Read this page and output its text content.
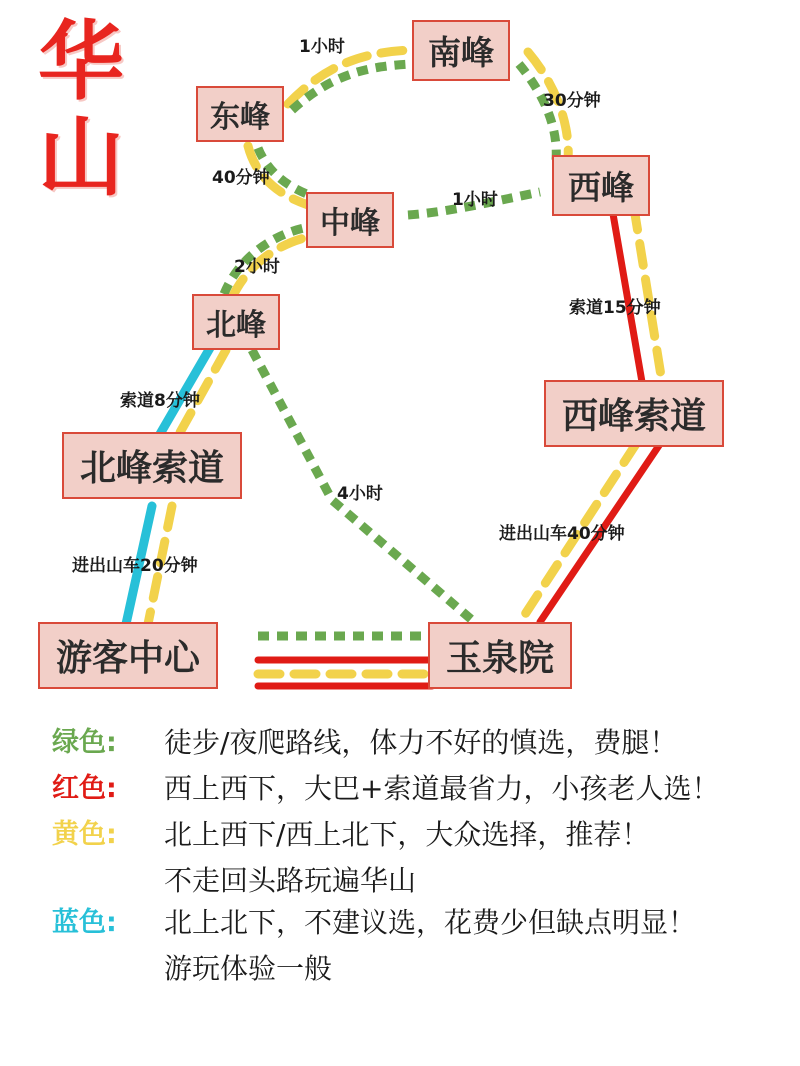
华山
南峰
东峰
西峰
中峰
北峰
西峰索道
北峰索道
游客中心	玉泉院
1小时
30分钟
40分钟
1小时
2小时
索道15分钟
索道8分钟
4小时
进出山车20分钟
进出山车40分钟
绿色:	徒步/夜爬路线，体力不好的慎选，费腿！
红色:	西上西下，大巴+索道最省力，小孩老人选！
黄色:	北上西下/西上北下，大众选择，推荐！
不走回头路玩遍华山
蓝色:	北上北下，不建议选，花费少但缺点明显！
游玩体验一般
